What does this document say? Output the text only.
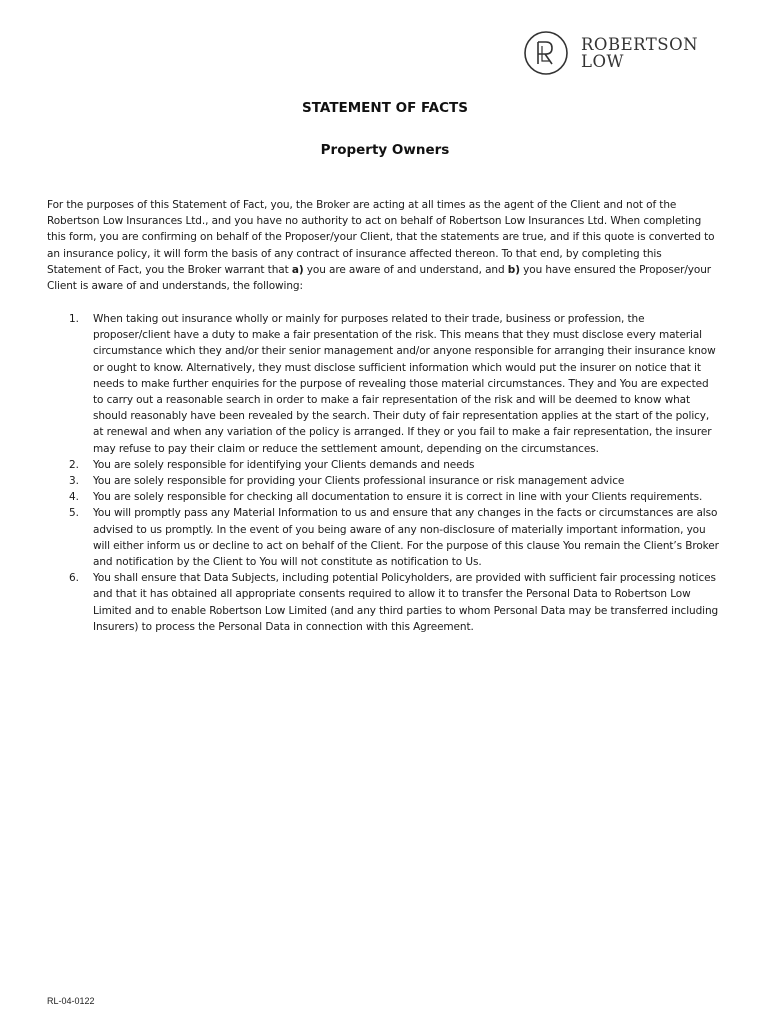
ROBERTSON
LOW
STATEMENT OF FACTS
Property Owners

For the purposes of this Statement of Fact, you, the Broker are acting at all times as the agent of the Client and not of the Robertson Low Insurances Ltd., and you have no authority to act on behalf of Robertson Low Insurances Ltd. When completing this form, you are confirming on behalf of the Proposer/your Client, that the statements are true, and if this quote is converted to an insurance policy, it will form the basis of any contract of insurance affected thereon. To that end, by completing this Statement of Fact, you the Broker warrant that a) you are aware of and understand, and b) you have ensured the Proposer/your Client is aware of and understands, the following:

1. When taking out insurance wholly or mainly for purposes related to their trade, business or profession, the proposer/client have a duty to make a fair presentation of the risk. This means that they must disclose every material circumstance which they and/or their senior management and/or anyone responsible for arranging their insurance know or ought to know. Alternatively, they must disclose sufficient information which would put the insurer on notice that it needs to make further enquiries for the purpose of revealing those material circumstances. They and You are expected to carry out a reasonable search in order to make a fair representation of the risk and will be deemed to know what should reasonably have been revealed by the search. Their duty of fair representation applies at the start of the policy, at renewal and when any variation of the policy is arranged. If they or you fail to make a fair representation, the insurer may refuse to pay their claim or reduce the settlement amount, depending on the circumstances.
2. You are solely responsible for identifying your Clients demands and needs
3. You are solely responsible for providing your Clients professional insurance or risk management advice
4. You are solely responsible for checking all documentation to ensure it is correct in line with your Clients requirements.
5. You will promptly pass any Material Information to us and ensure that any changes in the facts or circumstances are also advised to us promptly. In the event of you being aware of any non-disclosure of materially important information, you will either inform us or decline to act on behalf of the Client. For the purpose of this clause You remain the Client’s Broker and notification by the Client to You will not constitute as notification to Us.
6. You shall ensure that Data Subjects, including potential Policyholders, are provided with sufficient fair processing notices and that it has obtained all appropriate consents required to allow it to transfer the Personal Data to Robertson Low Limited and to enable Robertson Low Limited (and any third parties to whom Personal Data may be transferred including Insurers) to process the Personal Data in connection with this Agreement.
RL-04-0122
